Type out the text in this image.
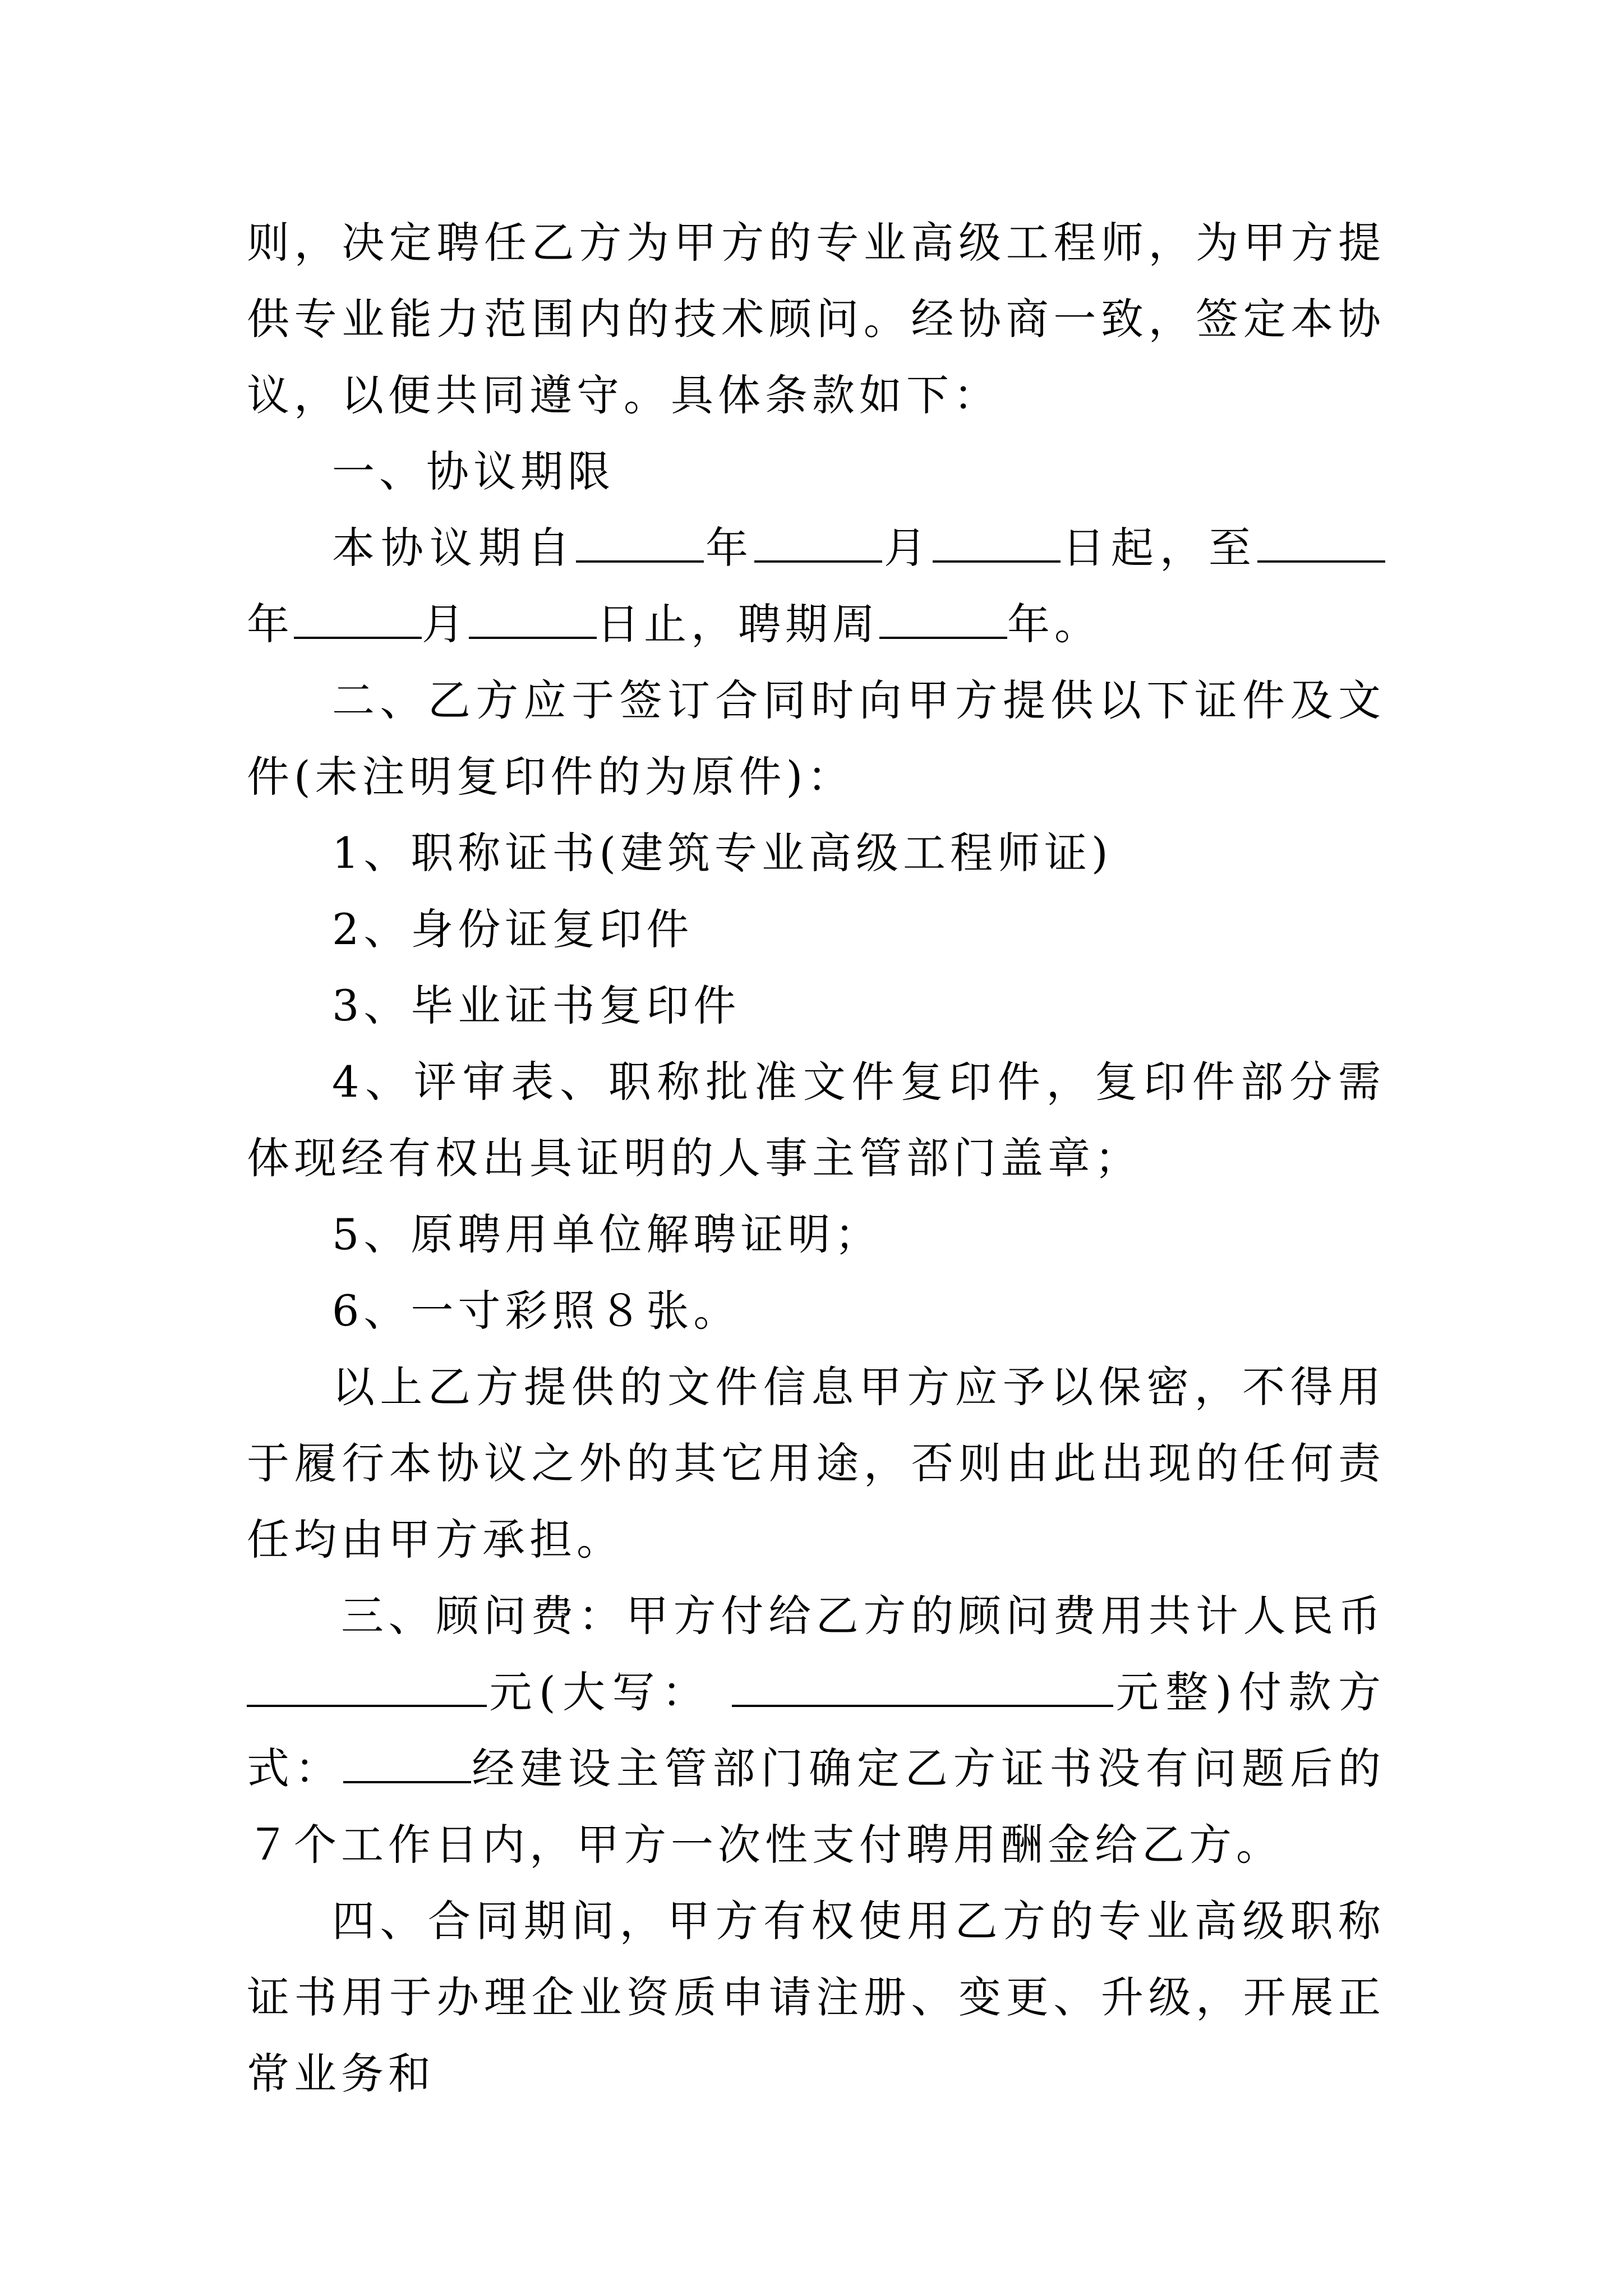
则，决定聘任乙方为甲方的专业高级工程师，为甲方提供专业能力范围内的技术顾问。经协商一致，签定本协议，以便共同遵守。具体条款如下：

一、协议期限

本协议期自	年	月	日起，至年	月	日止，聘期周	年。

二、乙方应于签订合同时向甲方提供以下证件及文件(未注明复印件的为原件)：

1、职称证书(建筑专业高级工程师证)

2、身份证复印件

3、毕业证书复印件

4、评审表、职称批准文件复印件，复印件部分需体现经有权出具证明的人事主管部门盖章；

5、原聘用单位解聘证明；

6、一寸彩照８张。

以上乙方提供的文件信息甲方应予以保密，不得用于履行本协议之外的其它用途，否则由此出现的任何责任均由甲方承担。

三、顾问费：甲方付给乙方的顾问费用共计人民币元(大写：	元整)付款方式：	经建设主管部门确定乙方证书没有问题后的７个工作日内，甲方一次性支付聘用酬金给乙方。

四、合同期间，甲方有权使用乙方的专业高级职称证书用于办理企业资质申请注册、变更、升级，开展正常业务和
